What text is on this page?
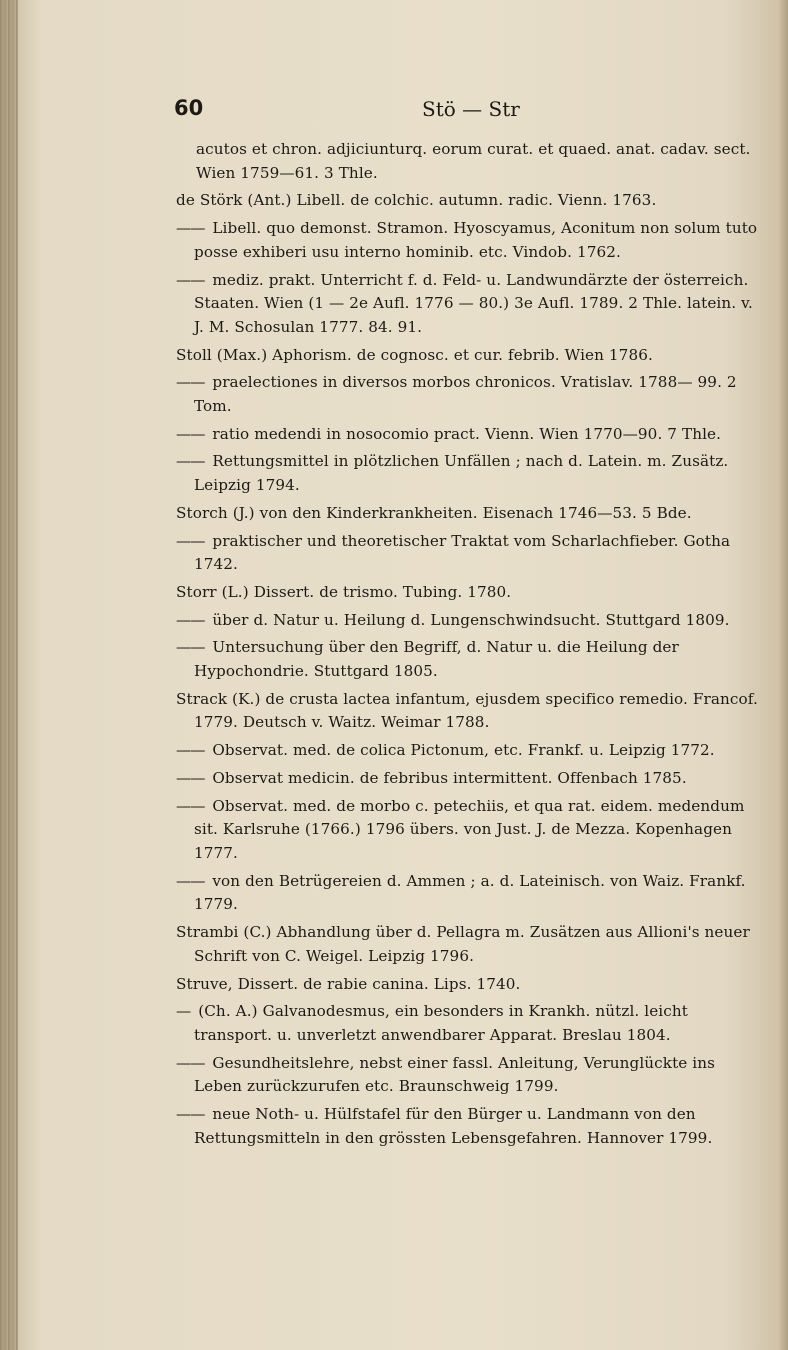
60	Stö — Str
acutos et chron. adjiciunturq. eorum curat. et quaed. anat. cadav. sect. Wien 1759—61. 3 Thle.
de Störk (Ant.) Libell. de colchic. autumn. radic. Vienn. 1763.
—— Libell. quo demonst. Stramon. Hyoscyamus, Aconitum non solum tuto posse exhiberi usu interno hominib. etc. Vindob. 1762.
—— mediz. prakt. Unterricht f. d. Feld- u. Landwundärzte der österreich. Staaten. Wien (1 — 2e Aufl. 1776 — 80.) 3e Aufl. 1789. 2 Thle. latein. v. J. M. Schosulan 1777. 84. 91.
Stoll (Max.) Aphorism. de cognosc. et cur. febrib. Wien 1786.
—— praelectiones in diversos morbos chronicos. Vratislav. 1788— 99. 2 Tom.
—— ratio medendi in nosocomio pract. Vienn. Wien 1770—90. 7 Thle.
—— Rettungsmittel in plötzlichen Unfällen ; nach d. Latein. m. Zusätz. Leipzig 1794.
Storch (J.) von den Kinderkrankheiten. Eisenach 1746—53. 5 Bde.
—— praktischer und theoretischer Traktat vom Scharlachfieber. Gotha 1742.
Storr (L.) Dissert. de trismo. Tubing. 1780.
—— über d. Natur u. Heilung d. Lungenschwindsucht. Stuttgard 1809.
—— Untersuchung über den Begriff, d. Natur u. die Heilung der Hypochondrie. Stuttgard 1805.
Strack (K.) de crusta lactea infantum, ejusdem specifico remedio. Francof. 1779. Deutsch v. Waitz. Weimar 1788.
—— Observat. med. de colica Pictonum, etc. Frankf. u. Leipzig 1772.
—— Observat medicin. de febribus intermittent. Offenbach 1785.
—— Observat. med. de morbo c. petechiis, et qua rat. eidem. medendum sit. Karlsruhe (1766.) 1796 übers. von Just. J. de Mezza. Kopenhagen 1777.
—— von den Betrügereien d. Ammen ; a. d. Lateinisch. von Waiz. Frankf. 1779.
Strambi (C.) Abhandlung über d. Pellagra m. Zusätzen aus Allioni's neuer Schrift von C. Weigel. Leipzig 1796.
Struve, Dissert. de rabie canina. Lips. 1740.
— (Ch. A.) Galvanodesmus, ein besonders in Krankh. nützl. leicht transport. u. unverletzt anwendbarer Apparat. Breslau 1804.
—— Gesundheitslehre, nebst einer fassl. Anleitung, Verunglückte ins Leben zurückzurufen etc. Braunschweig 1799.
—— neue Noth- u. Hülfstafel für den Bürger u. Landmann von den Rettungsmitteln in den grössten Lebensgefahren. Hannover 1799.
